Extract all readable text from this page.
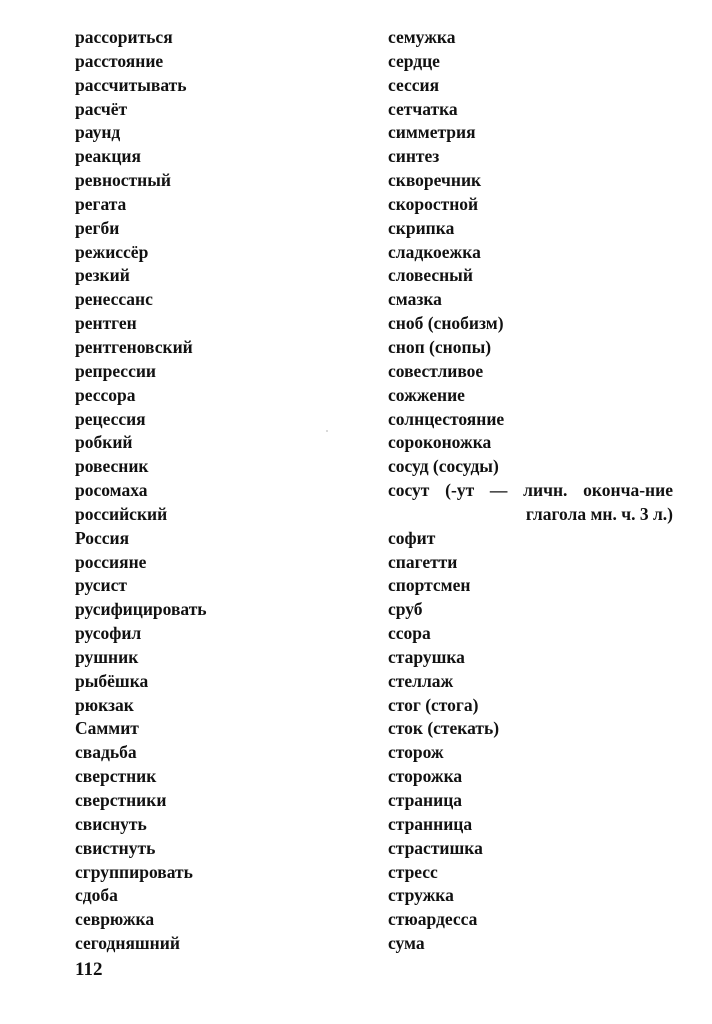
рассориться
расстояние
рассчитывать
расчёт
раунд
реакция
ревностный
регата
регби
режиссёр
резкий
ренессанс
рентген
рентгеновский
репрессии
рессора
рецессия
робкий
ровесник
росомаха
российский
Россия
россияне
русист
русифицировать
русофил
рушник
рыбёшка
рюкзак
Саммит
свадьба
сверстник
сверстники
свиснуть
свистнуть
сгруппировать
сдоба
севрюжка
сегодняшний
семужка
сердце
сессия
сетчатка
симметрия
синтез
скворечник
скоростной
скрипка
сладкоежка
словесный
смазка
сноб (снобизм)
сноп (снопы)
совестливое
сожжение
солнцестояние
сороконожка
сосуд (сосуды)
сосут (-ут — личн. оконча-ние глагола мн. ч. 3 л.)
софит
спагетти
спортсмен
сруб
ссора
старушка
стеллаж
стог (стога)
сток (стекать)
сторож
сторожка
страница
странница
страстишка
стресс
стружка
стюардесса
сума
112
